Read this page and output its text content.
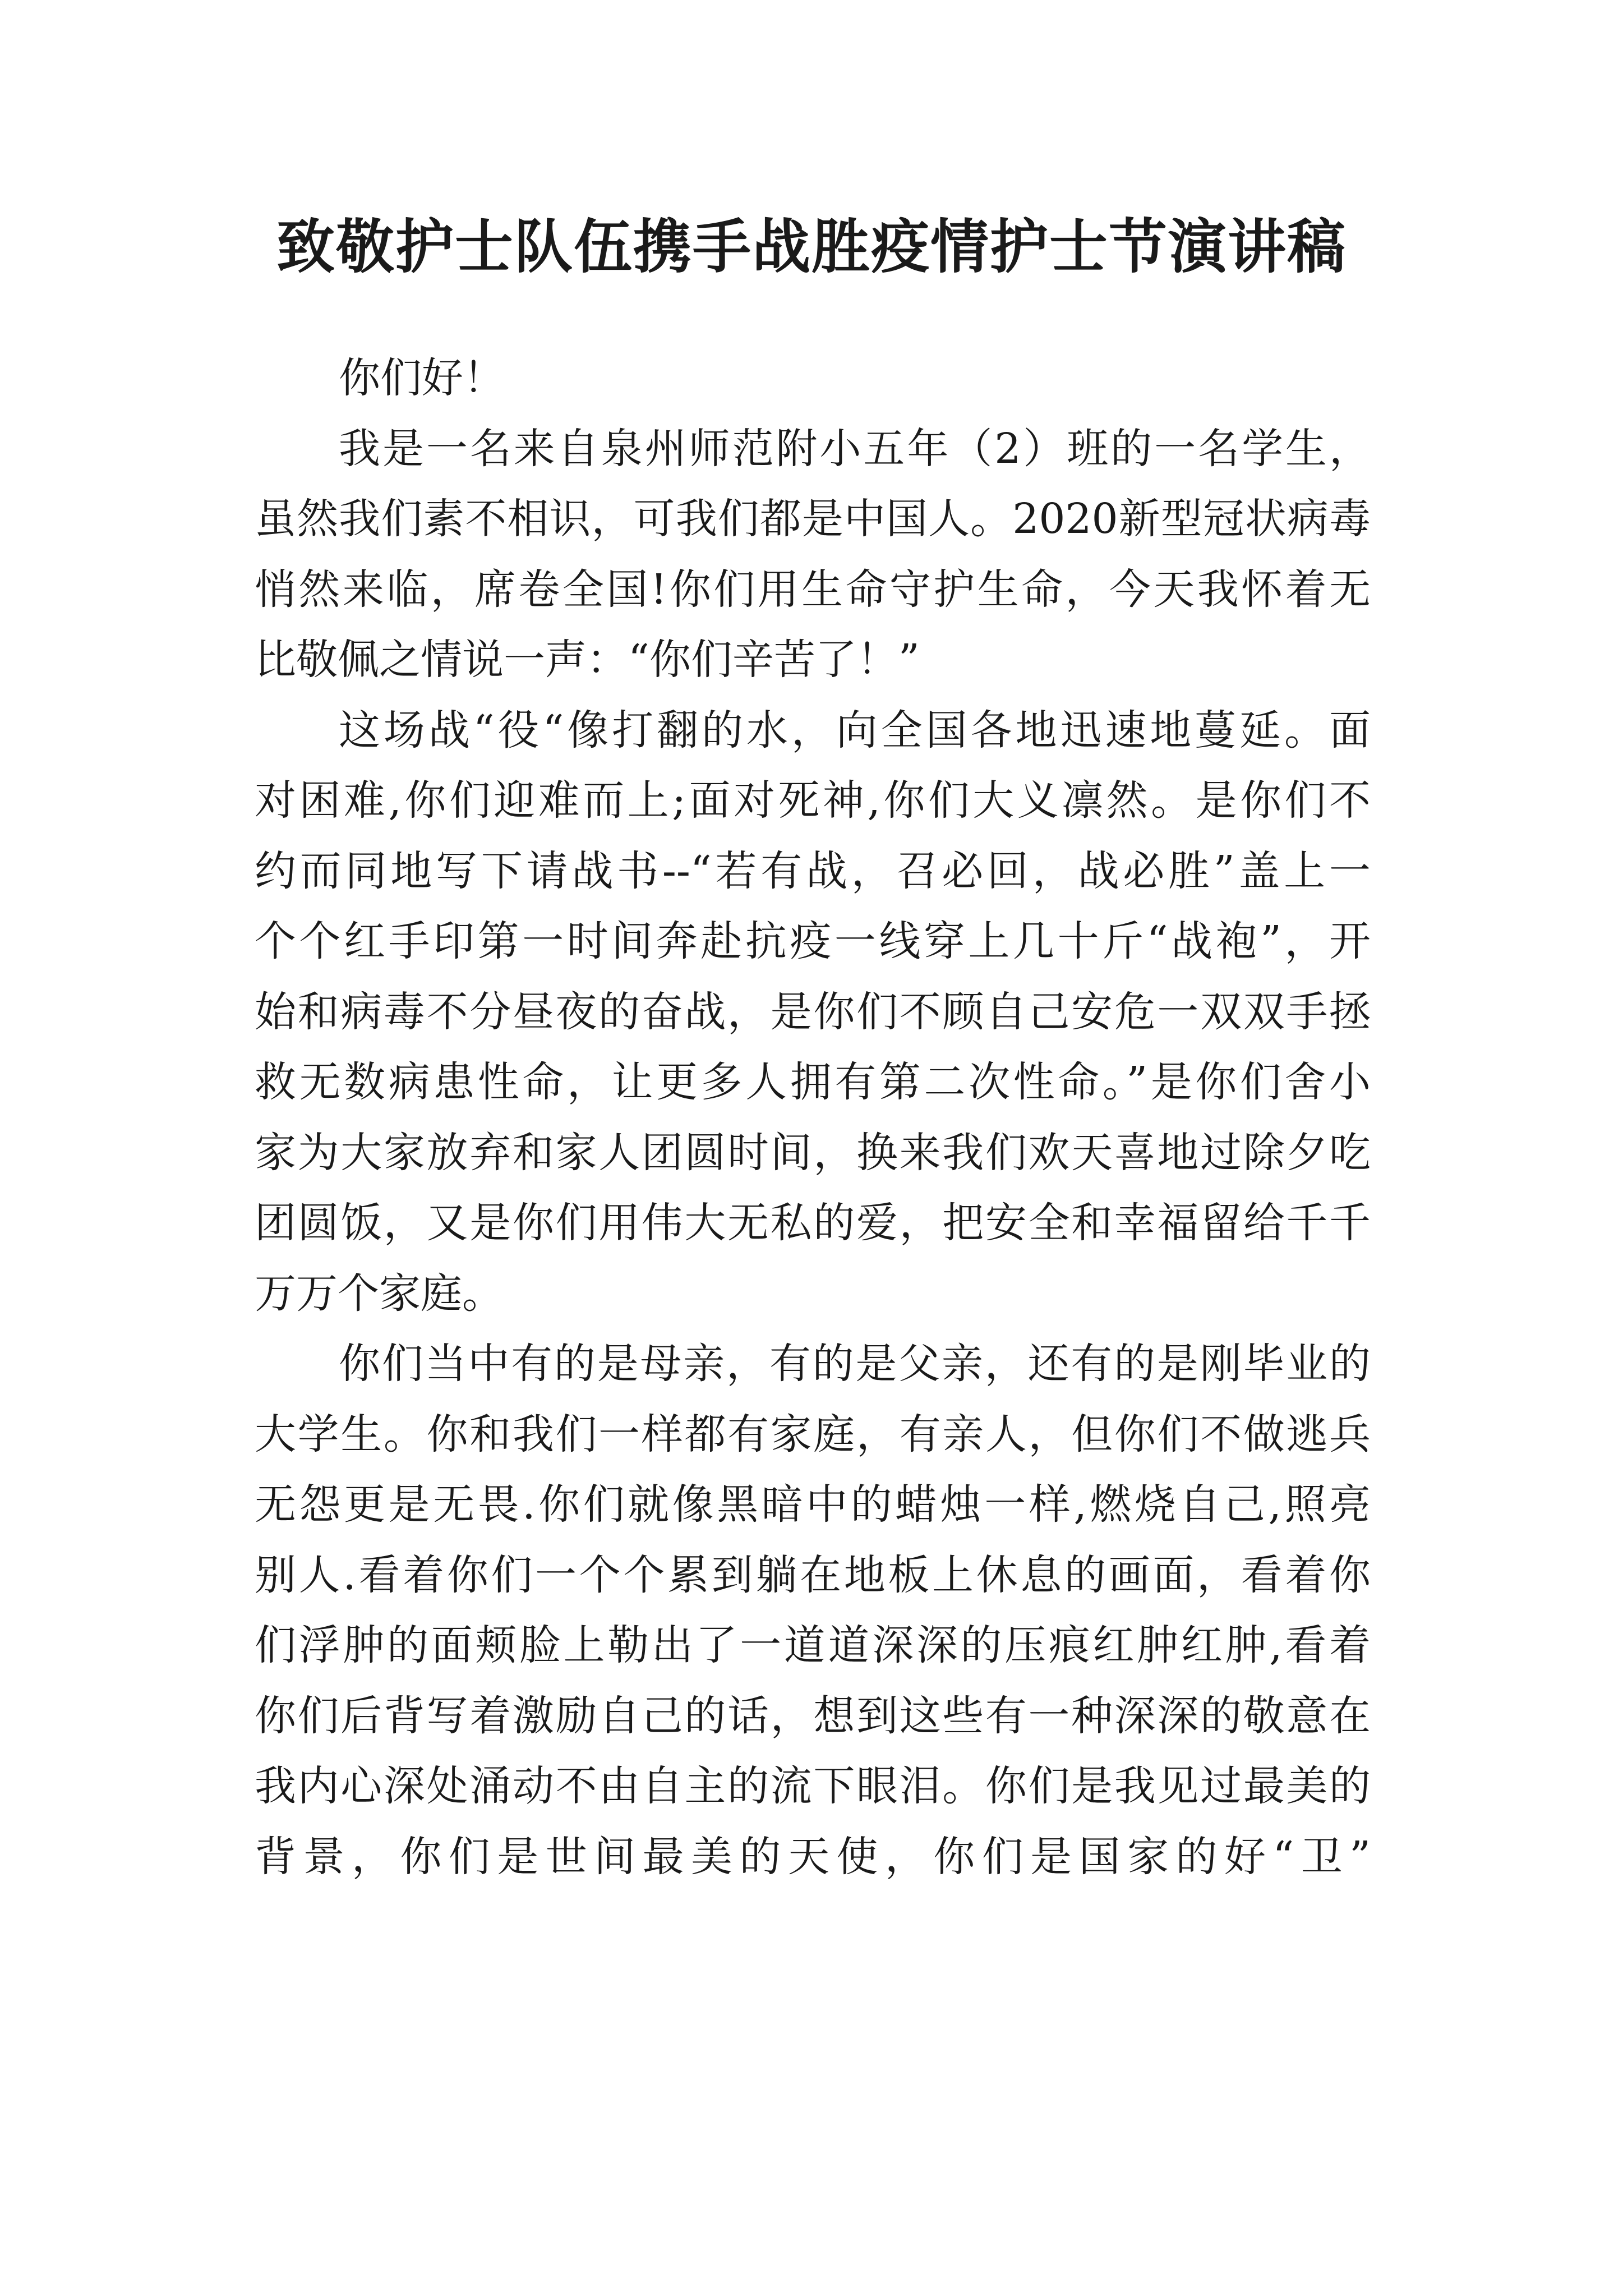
致敬护士队伍携手战胜疫情护士节演讲稿
你们好！
我是一名来自泉州师范附小五年（2）班的一名学生，
虽然我们素不相识，可我们都是中国人。2020新型冠状病毒
悄然来临，席卷全国!你们用生命守护生命，今天我怀着无
比敬佩之情说一声：“你们辛苦了！”
这场战“役“像打翻的水，向全国各地迅速地蔓延。面
对困难,你们迎难而上;面对死神,你们大义凛然。是你们不
约而同地写下请战书--“若有战，召必回，战必胜”盖上一
个个红手印第一时间奔赴抗疫一线穿上几十斤“战袍”，开
始和病毒不分昼夜的奋战，是你们不顾自己安危一双双手拯
救无数病患性命，让更多人拥有第二次性命。”是你们舍小
家为大家放弃和家人团圆时间，换来我们欢天喜地过除夕吃
团圆饭，又是你们用伟大无私的爱，把安全和幸福留给千千
万万个家庭。
你们当中有的是母亲，有的是父亲，还有的是刚毕业的
大学生。你和我们一样都有家庭，有亲人，但你们不做逃兵
无怨更是无畏.你们就像黑暗中的蜡烛一样,燃烧自己,照亮
别人.看着你们一个个累到躺在地板上休息的画面，看着你
们浮肿的面颊脸上勒出了一道道深深的压痕红肿红肿,看着
你们后背写着激励自己的话，想到这些有一种深深的敬意在
我内心深处涌动不由自主的流下眼泪。你们是我见过最美的
背景，你们是世间最美的天使，你们是国家的好“卫”
